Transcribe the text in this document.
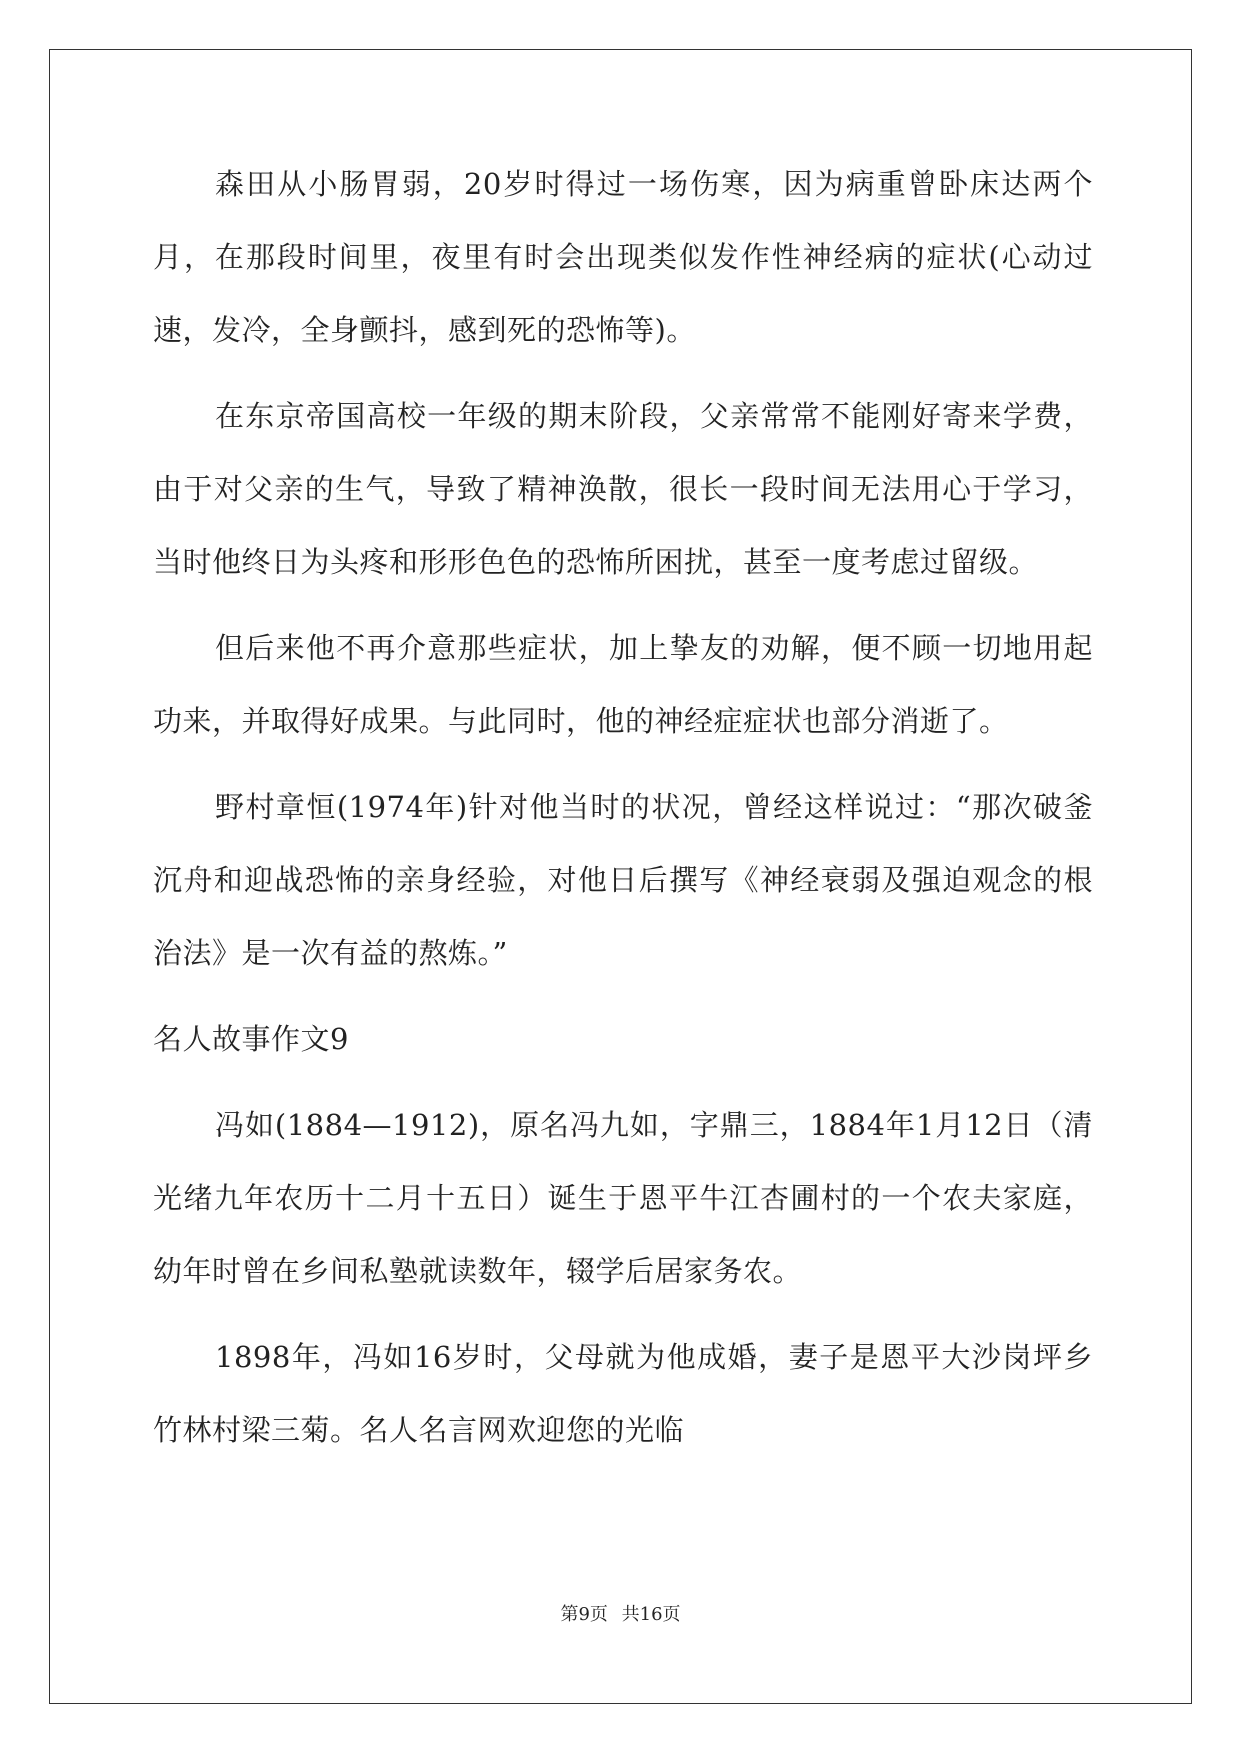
森田从小肠胃弱，20岁时得过一场伤寒，因为病重曾卧床达两个月，在那段时间里，夜里有时会出现类似发作性神经病的症状(心动过速，发冷，全身颤抖，感到死的恐怖等)。

在东京帝国高校一年级的期末阶段，父亲常常不能刚好寄来学费，由于对父亲的生气，导致了精神涣散，很长一段时间无法用心于学习，当时他终日为头疼和形形色色的恐怖所困扰，甚至一度考虑过留级。

但后来他不再介意那些症状，加上挚友的劝解，便不顾一切地用起功来，并取得好成果。与此同时，他的神经症症状也部分消逝了。

野村章恒(1974年)针对他当时的状况，曾经这样说过：“那次破釜沉舟和迎战恐怖的亲身经验，对他日后撰写《神经衰弱及强迫观念的根治法》是一次有益的熬炼。”

名人故事作文9

冯如(1884—1912)，原名冯九如，字鼎三，1884年1月12日（清光绪九年农历十二月十五日）诞生于恩平牛江杏圃村的一个农夫家庭，幼年时曾在乡间私塾就读数年，辍学后居家务农。

1898年，冯如16岁时，父母就为他成婚，妻子是恩平大沙岗坪乡竹林村梁三菊。名人名言网欢迎您的光临

第9页 共16页
